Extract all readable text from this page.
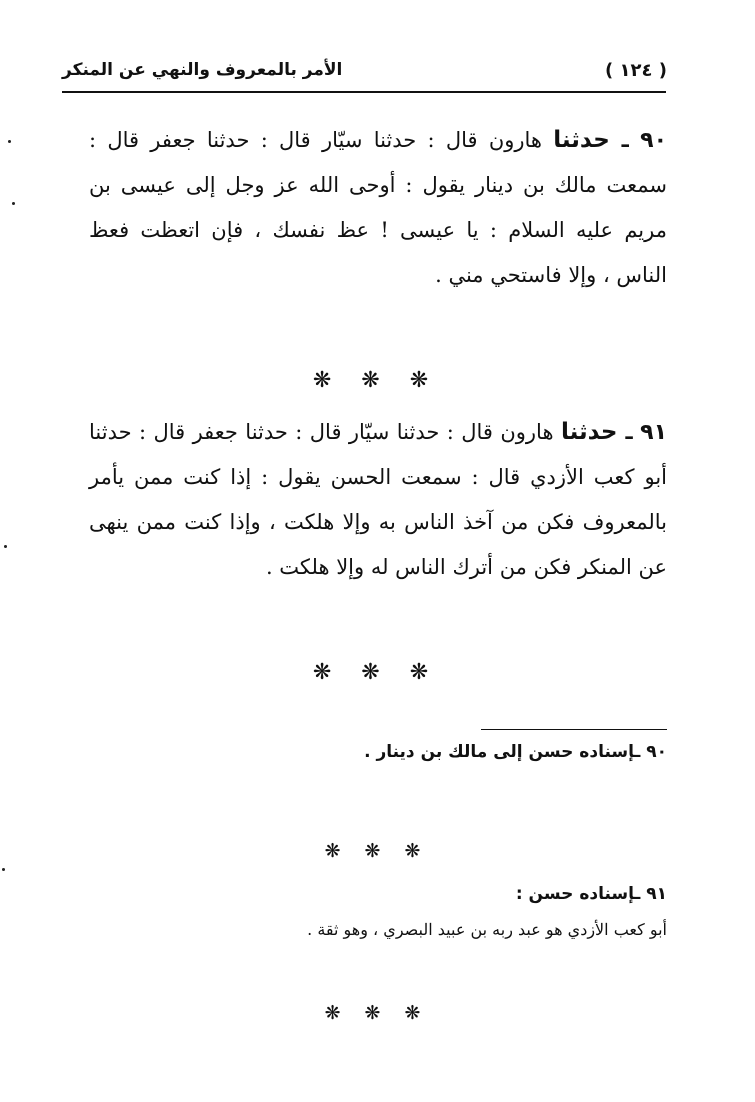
( ١٢٤ )
الأمر بالمعروف والنهي عن المنكر
٩٠ ـ حدثنا هارون قال : حدثنا سيّار قال : حدثنا جعفر قال : سمعت مالك بن دينار يقول : أوحى الله عز وجل إلى عيسى بن مريم عليه السلام : يا عيسى ! عظ نفسك ، فإن اتعظت فعظ الناس ، وإلا فاستحي مني .
❋ ❋ ❋
٩١ ـ حدثنا هارون قال : حدثنا سيّار قال : حدثنا جعفر قال : حدثنا أبو كعب الأزدي قال : سمعت الحسن يقول : إذا كنت ممن يأمر بالمعروف فكن من آخذ الناس به وإلا هلكت ، وإذا كنت ممن ينهى عن المنكر فكن من أترك الناس له وإلا هلكت .
❋ ❋ ❋
٩٠ ـإسناده حسن إلى مالك بن دينار .
❋ ❋ ❋
٩١ ـإسناده حسن :
أبو كعب الأزدي هو عبد ربه بن عبيد البصري ، وهو ثقة .
❋ ❋ ❋
